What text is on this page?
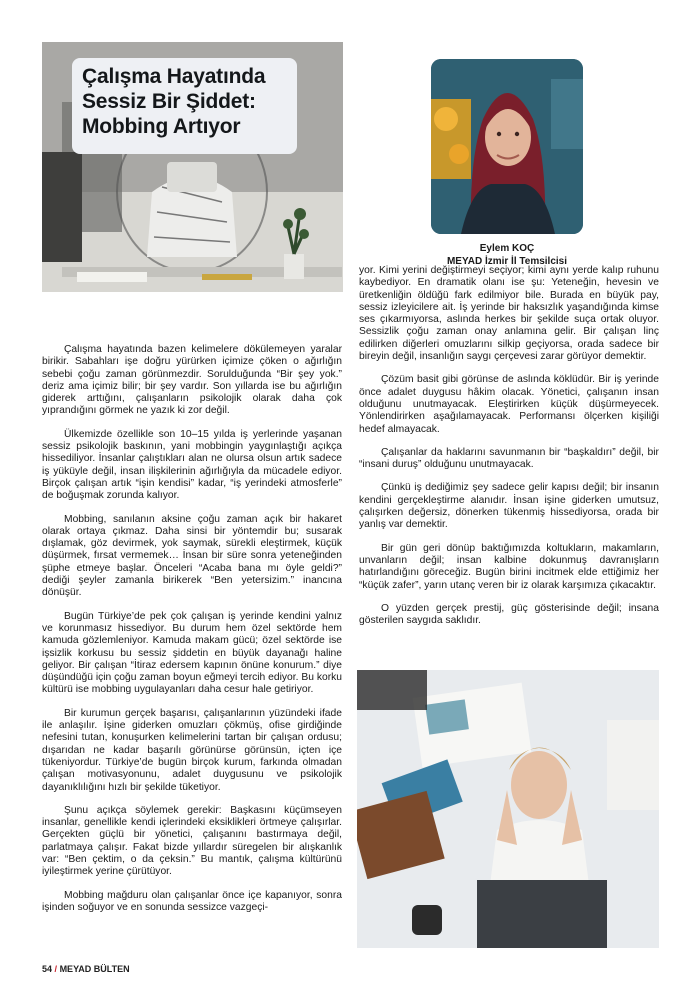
Çalışma Hayatında Sessiz Bir Şiddet: Mobbing Artıyor
Eylem KOÇ
MEYAD İzmir İl Temsilcisi

Çalışma hayatında bazen kelimelere dökülemeyen yaralar birikir. Sabahları işe doğru yürürken içimize çöken o ağırlığın sebebi çoğu zaman görünmezdir. Sorulduğunda “Bir şey yok.” deriz ama içimiz bilir; bir şey vardır. Son yıllarda ise bu ağırlığın giderek arttığını, çalışanların psikolojik olarak daha çok yıprandığını görmek ne yazık ki zor değil.

Ülkemizde özellikle son 10–15 yılda iş yerlerinde yaşanan sessiz psikolojik baskının, yani mobbingin yaygınlaştığı açıkça hissediliyor. İnsanlar çalıştıkları alan ne olursa olsun artık sadece iş yüküyle değil, insan ilişkilerinin ağırlığıyla da mücadele ediyor. Birçok çalışan artık “işin kendisi” kadar, “iş yerindeki atmosferle” de boğuşmak zorunda kalıyor.

Mobbing, sanılanın aksine çoğu zaman açık bir hakaret olarak ortaya çıkmaz. Daha sinsi bir yöntemdir bu; susarak dışlamak, göz devirmek, yok saymak, sürekli eleştirmek, küçük düşürmek, fırsat vermemek… İnsan bir süre sonra yeteneğinden şüphe etmeye başlar. Önceleri “Acaba bana mı öyle geldi?” dediği şeyler zamanla birikerek “Ben yetersizim.” inancına dönüşür.

Bugün Türkiye’de pek çok çalışan iş yerinde kendini yalnız ve korunmasız hissediyor. Bu durum hem özel sektörde hem kamuda gözlemleniyor. Kamuda makam gücü; özel sektörde ise işsizlik korkusu bu sessiz şiddetin en büyük dayanağı haline geliyor. Bir çalışan “İtiraz edersem kapının önüne konurum.” diye düşündüğü için çoğu zaman boyun eğmeyi tercih ediyor. Bu korku kültürü ise mobbing uygulayanları daha cesur hale getiriyor.

Bir kurumun gerçek başarısı, çalışanlarının yüzündeki ifade ile anlaşılır. İşine giderken omuzları çökmüş, ofise girdiğinde nefesini tutan, konuşurken kelimelerini tartan bir çalışan ordusu; dışarıdan ne kadar başarılı görünürse görünsün, içten içe tükeniyordur. Türkiye’de bugün birçok kurum, farkında olmadan çalışan motivasyonunu, adalet duygusunu ve psikolojik dayanıklılığını hızlı bir şekilde tüketiyor.

Şunu açıkça söylemek gerekir: Başkasını küçümseyen insanlar, genellikle kendi içlerindeki eksiklikleri örtmeye çalışırlar. Gerçekten güçlü bir yönetici, çalışanını bastırmaya değil, parlatmaya çalışır. Fakat bizde yıllardır süregelen bir alışkanlık var: “Ben çektim, o da çeksin.” Bu mantık, çalışma kültürünü iyileştirmek yerine çürütüyor.

Mobbing mağduru olan çalışanlar önce içe kapanıyor, sonra işinden soğuyor ve en sonunda sessizce vazgeçi-

yor. Kimi yerini değiştirmeyi seçiyor; kimi aynı yerde kalıp ruhunu kaybediyor. En dramatik olanı ise şu: Yeteneğin, hevesin ve üretkenliğin öldüğü fark edilmiyor bile. Burada en büyük pay, sessiz izleyicilere ait. İş yerinde bir haksızlık yaşandığında kimse ses çıkarmıyorsa, aslında herkes bir şekilde suça ortak oluyor. Sessizlik çoğu zaman onay anlamına gelir. Bir çalışan linç edilirken diğerleri omuzlarını silkip geçiyorsa, orada sadece bir bireyin değil, insanlığın saygı çerçevesi zarar görüyor demektir.

Çözüm basit gibi görünse de aslında köklüdür. Bir iş yerinde önce adalet duygusu hâkim olacak. Yönetici, çalışanın insan olduğunu unutmayacak. Eleştirirken küçük düşürmeyecek. Yönlendirirken aşağılamayacak. Performansı ölçerken kişiliği hedef almayacak.

Çalışanlar da haklarını savunmanın bir “başkaldırı” değil, bir “insani duruş” olduğunu unutmayacak.

Çünkü iş dediğimiz şey sadece gelir kapısı değil; bir insanın kendini gerçekleştirme alanıdır. İnsan işine giderken umutsuz, çalışırken değersiz, dönerken tükenmiş hissediyorsa, orada bir yanlış var demektir.

Bir gün geri dönüp baktığımızda koltukların, makamların, unvanların değil; insan kalbine dokunmuş davranışların hatırlandığını göreceğiz. Bugün birini incitmek elde ettiğimiz her “küçük zafer”, yarın utanç veren bir iz olarak karşımıza çıkacaktır.

O yüzden gerçek prestij, güç gösterisinde değil; insana gösterilen saygıda saklıdır.

54 / MEYAD BÜLTEN
